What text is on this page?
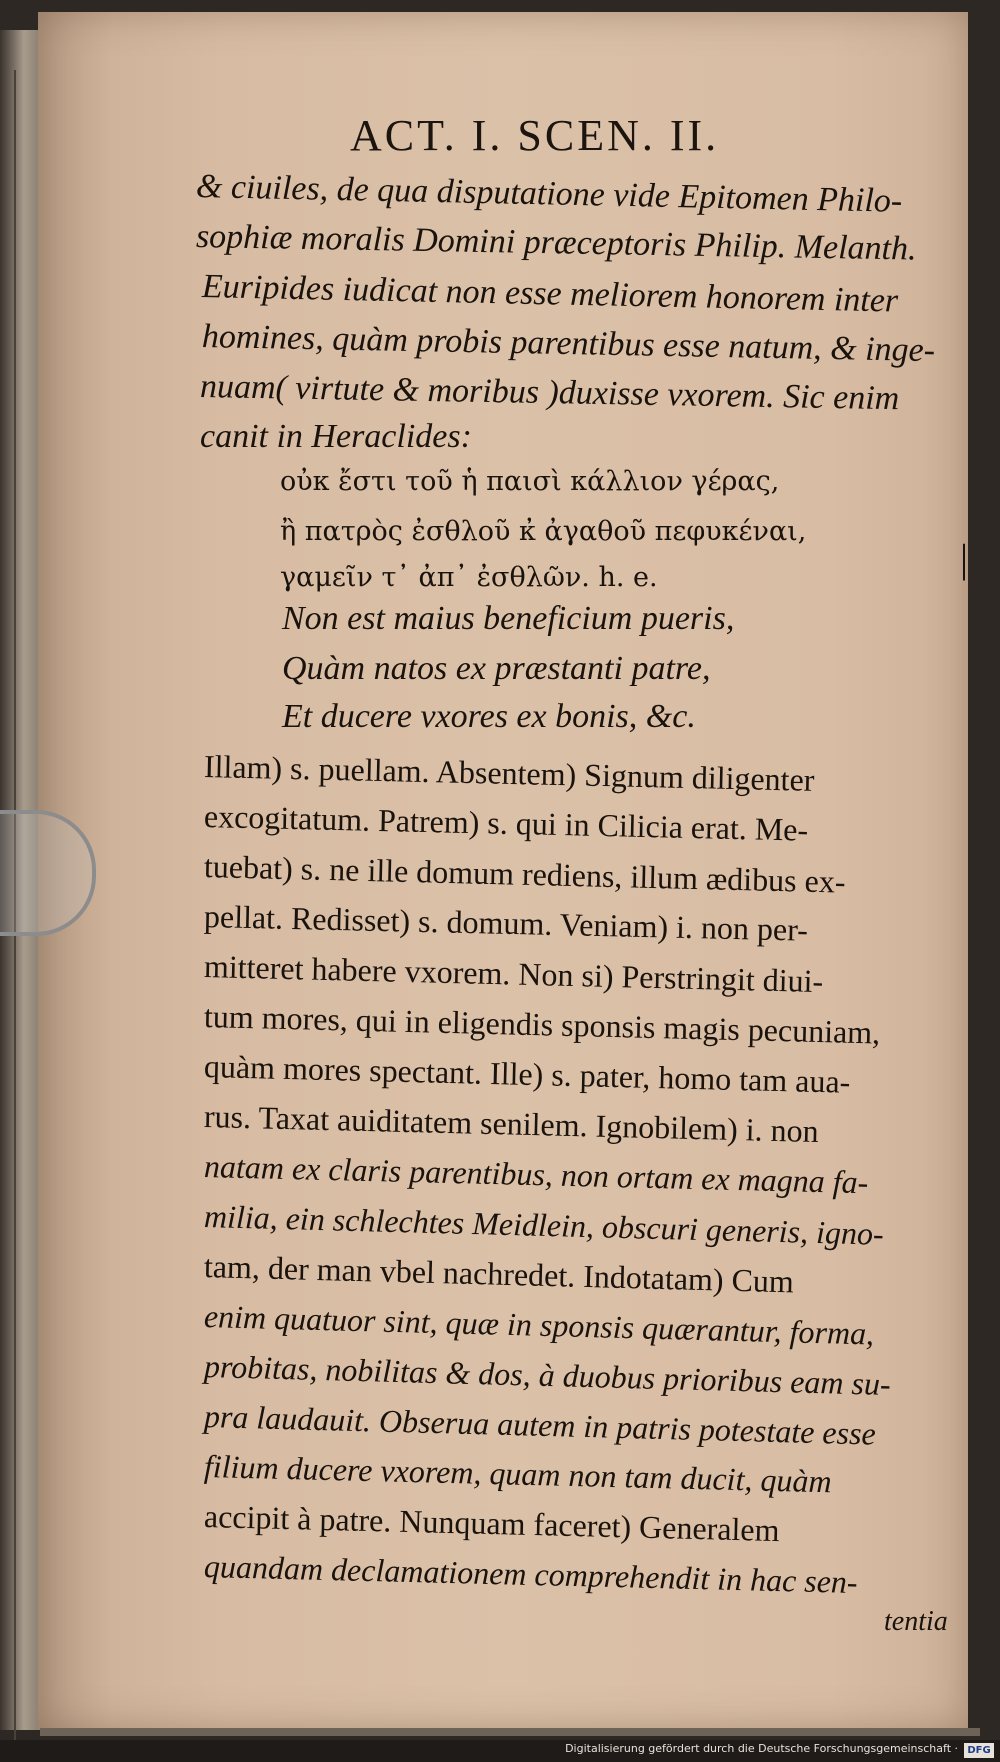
ACT. I. SCEN. II.
& ciuiles, de qua disputatione vide Epitomen Philo-
sophiæ moralis Domini præceptoris Philip. Melanth.
Euripides iudicat non esse meliorem honorem inter
homines, quàm probis parentibus esse natum, & inge-
nuam( virtute & moribus )duxisse vxorem. Sic enim
canit in Heraclides:
οὐκ ἔστι τοῦ ἡ παισὶ κάλλιον γέρας,
ἢ πατρὸς ἐσθλοῦ κ̓ ἀγαθοῦ πεφυκέναι,
γαμεῖν τ᾽ ἀπ᾽ ἐσθλῶν. h. e.
Non est maius beneficium pueris,
Quàm natos ex præstanti patre,
Et ducere vxores ex bonis, &c.
Illam) s. puellam. Absentem) Signum diligenter
excogitatum. Patrem) s. qui in Cilicia erat. Me-
tuebat) s. ne ille domum rediens, illum ædibus ex-
pellat. Redisset) s. domum. Veniam) i. non per-
mitteret habere vxorem. Non si) Perstringit diui-
tum mores, qui in eligendis sponsis magis pecuniam,
quàm mores spectant. Ille) s. pater, homo tam aua-
rus. Taxat auiditatem senilem. Ignobilem) i. non
natam ex claris parentibus, non ortam ex magna fa-
milia, ein schlechtes Meidlein, obscuri generis, igno-
tam, der man vbel nachredet. Indotatam) Cum
enim quatuor sint, quæ in sponsis quærantur, forma,
probitas, nobilitas & dos, à duobus prioribus eam su-
pra laudauit. Obserua autem in patris potestate esse
filium ducere vxorem, quam non tam ducit, quàm
accipit à patre. Nunquam faceret) Generalem
quandam declamationem comprehendit in hac sen-
|
tentia
Digitalisierung gefördert durch die Deutsche Forschungsgemeinschaft · DFG
